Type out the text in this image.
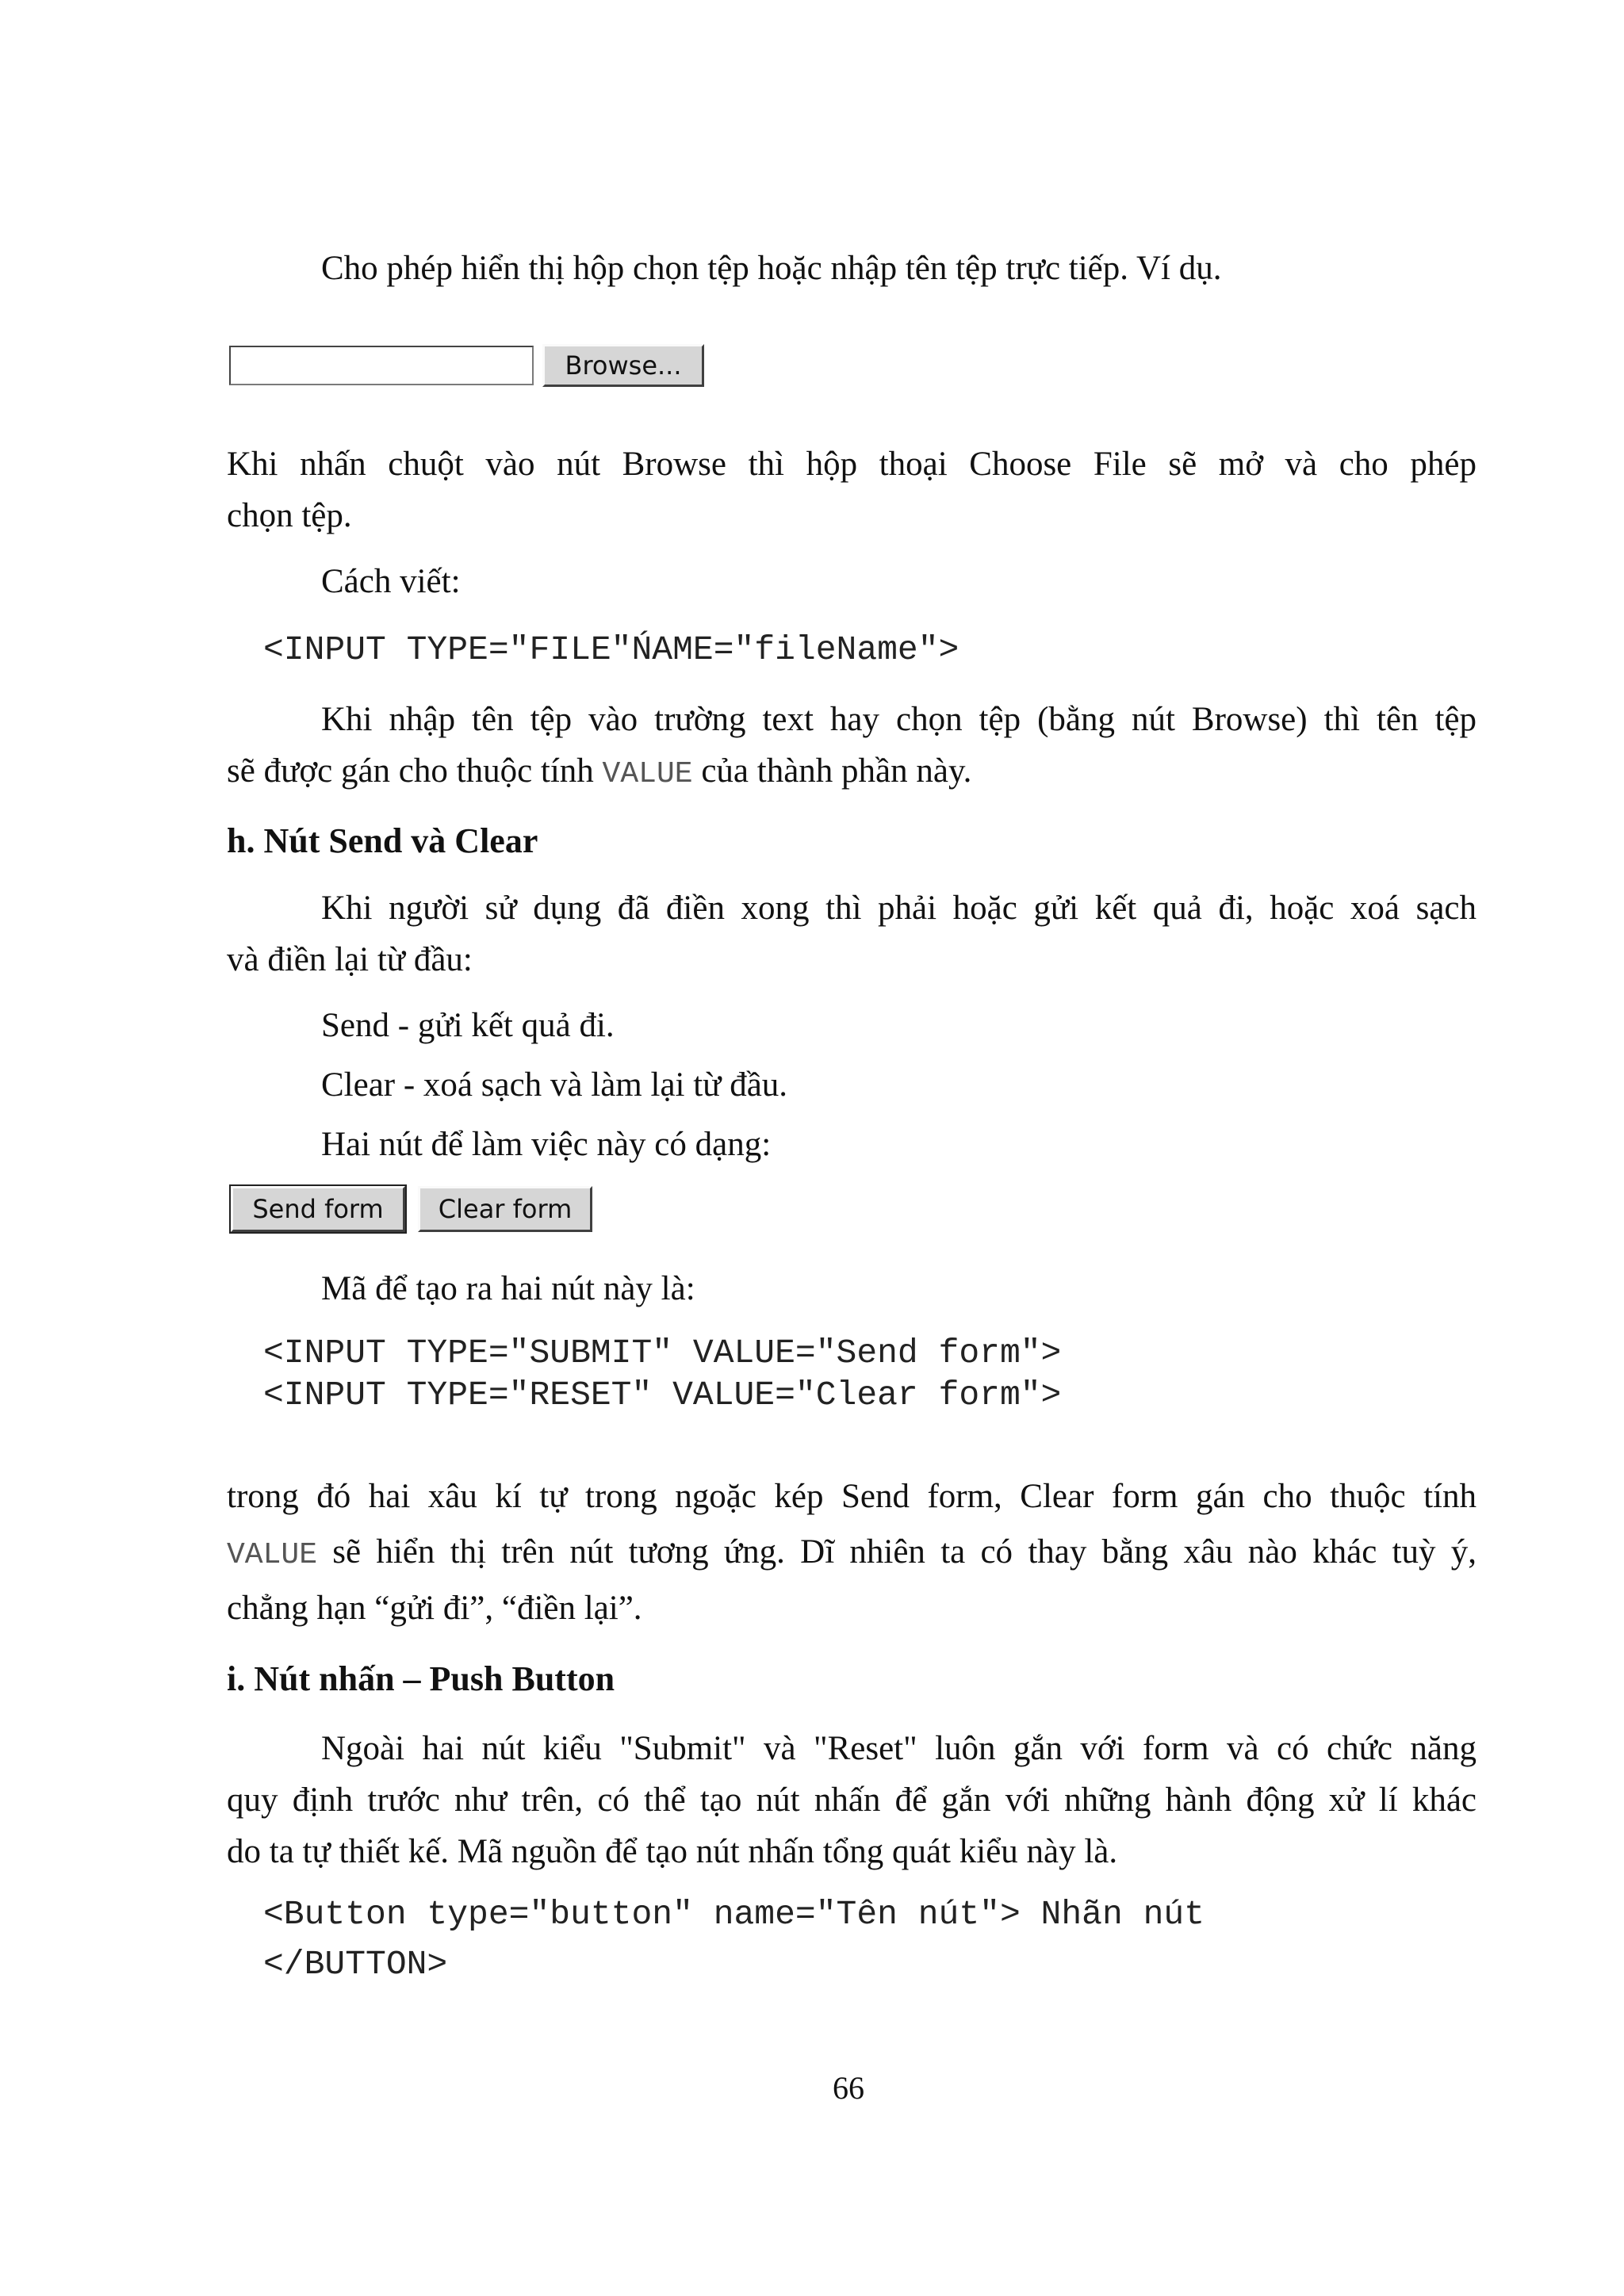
Cho phép hiển thị hộp chọn tệp hoặc nhập tên tệp trực tiếp. Ví dụ.
Browse...
Khi nhấn chuột vào nút Browse thì hộp thoại Choose File sẽ mở và cho phép
chọn tệp.
Cách viết:
<INPUT TYPE="FILE"ŃAME="fileName">
Khi nhập tên tệp vào trường text hay chọn tệp (bằng nút Browse) thì tên tệp
sẽ được gán cho thuộc tính VALUE của thành phần này.
h. Nút Send và Clear
Khi người sử dụng đã điền xong thì phải hoặc gửi kết quả đi, hoặc xoá sạch
và điền lại từ đầu:
Send - gửi kết quả đi.
Clear - xoá sạch và làm lại từ đầu.
Hai nút để làm việc này có dạng:
Send form	Clear form
Mã để tạo ra hai nút này là:
<INPUT TYPE="SUBMIT" VALUE="Send form">
<INPUT TYPE="RESET" VALUE="Clear form">
trong đó hai xâu kí tự trong ngoặc kép Send form, Clear form gán cho thuộc tính
VALUE sẽ hiển thị trên nút tương ứng. Dĩ nhiên ta có thay bằng xâu nào khác tuỳ ý,
chẳng hạn “gửi đi”, “điền lại”.
i. Nút nhấn – Push Button
Ngoài hai nút kiểu "Submit" và "Reset" luôn gắn với form và có chức năng
quy định trước như trên, có thể tạo nút nhấn để gắn với những hành động xử lí khác
do ta tự thiết kế. Mã nguồn để tạo nút nhấn tổng quát kiểu này là.
<Button type="button" name="Tên nút"> Nhãn nút
</BUTTON>
66
